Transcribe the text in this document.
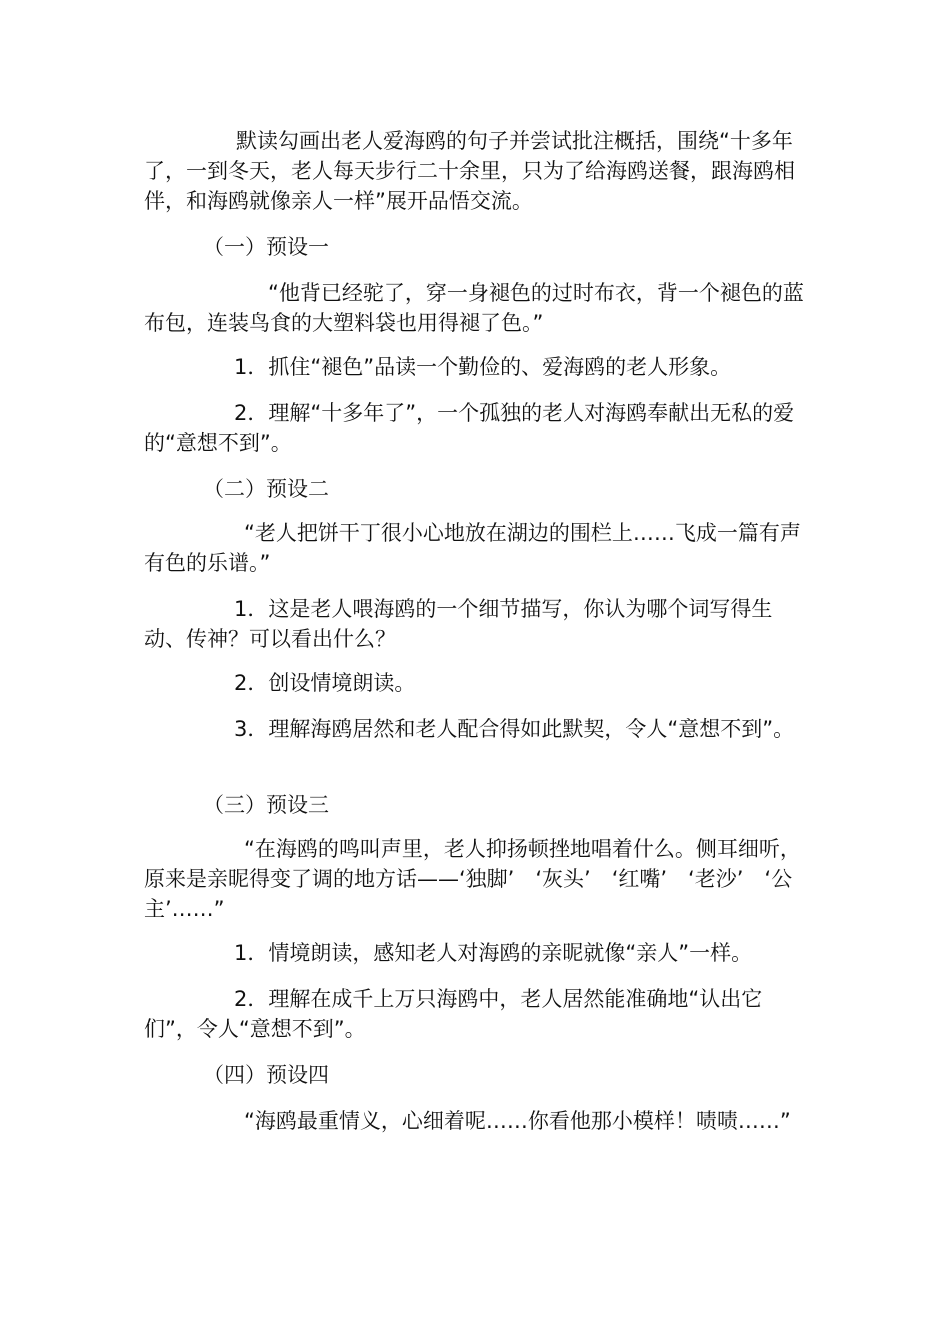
默读勾画出老人爱海鸥的句子并尝试批注概括，围绕“十多年了，一到冬天，老人每天步行二十余里，只为了给海鸥送餐，跟海鸥相伴，和海鸥就像亲人一样”展开品悟交流。

（一）预设一

“他背已经驼了，穿一身褪色的过时布衣，背一个褪色的蓝布包，连装鸟食的大塑料袋也用得褪了色。”

1．抓住“褪色”品读一个勤俭的、爱海鸥的老人形象。

2．理解“十多年了”，一个孤独的老人对海鸥奉献出无私的爱的“意想不到”。

（二）预设二

“老人把饼干丁很小心地放在湖边的围栏上……飞成一篇有声有色的乐谱。”

1．这是老人喂海鸥的一个细节描写，你认为哪个词写得生动、传神？可以看出什么？

2．创设情境朗读。

3．理解海鸥居然和老人配合得如此默契，令人“意想不到”。

（三）预设三

“在海鸥的鸣叫声里，老人抑扬顿挫地唱着什么。侧耳细听，原来是亲昵得变了调的地方话——‘独脚’　‘灰头’　‘红嘴’　‘老沙’　‘公主’……”

1．情境朗读，感知老人对海鸥的亲昵就像“亲人”一样。

2．理解在成千上万只海鸥中，老人居然能准确地“认出它们”，令人“意想不到”。

（四）预设四

“海鸥最重情义，心细着呢……你看他那小模样！啧啧……”
